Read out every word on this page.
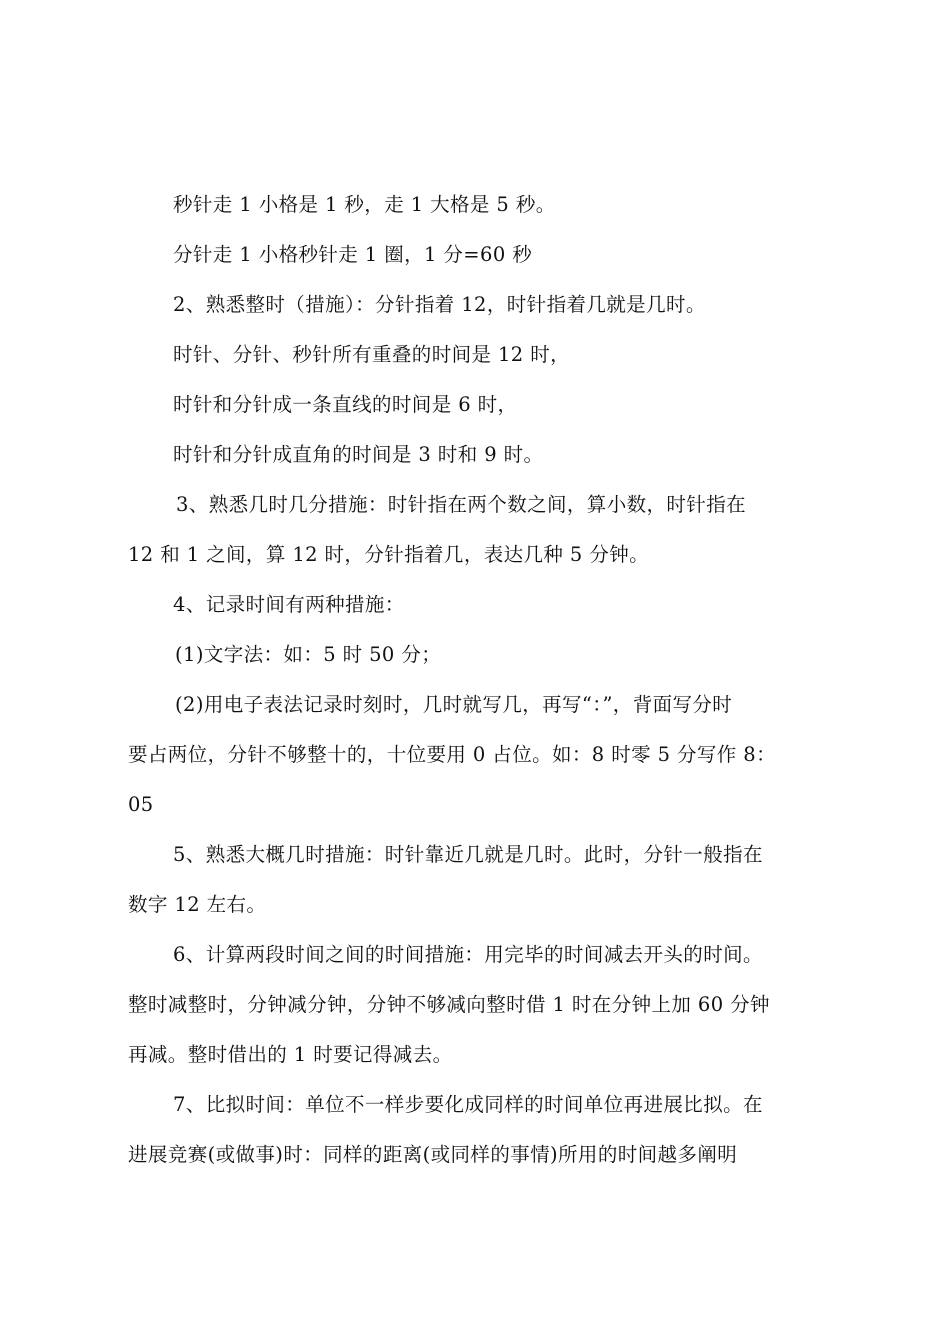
秒针走 1 小格是 1 秒，走 1 大格是 5 秒。
分针走 1 小格秒针走 1 圈，1 分=60 秒
2、熟悉整时（措施）：分针指着 12，时针指着几就是几时。
时针、分针、秒针所有重叠的时间是 12 时，
时针和分针成一条直线的时间是 6 时，
时针和分针成直角的时间是 3 时和 9 时。
3、熟悉几时几分措施：时针指在两个数之间，算小数，时针指在
12 和 1 之间，算 12 时，分针指着几，表达几种 5 分钟。
4、记录时间有两种措施：
(1)文字法：如：5 时 50 分；
(2)用电子表法记录时刻时，几时就写几，再写“：”，背面写分时
要占两位，分针不够整十的，十位要用 0 占位。如：8 时零 5 分写作 8：
05
5、熟悉大概几时措施：时针靠近几就是几时。此时，分针一般指在
数字 12 左右。
6、计算两段时间之间的时间措施：用完毕的时间减去开头的时间。
整时减整时，分钟减分钟，分钟不够减向整时借 1 时在分钟上加 60 分钟
再减。整时借出的 1 时要记得减去。
7、比拟时间：单位不一样步要化成同样的时间单位再进展比拟。在
进展竞赛(或做事)时：同样的距离(或同样的事情)所用的时间越多阐明
